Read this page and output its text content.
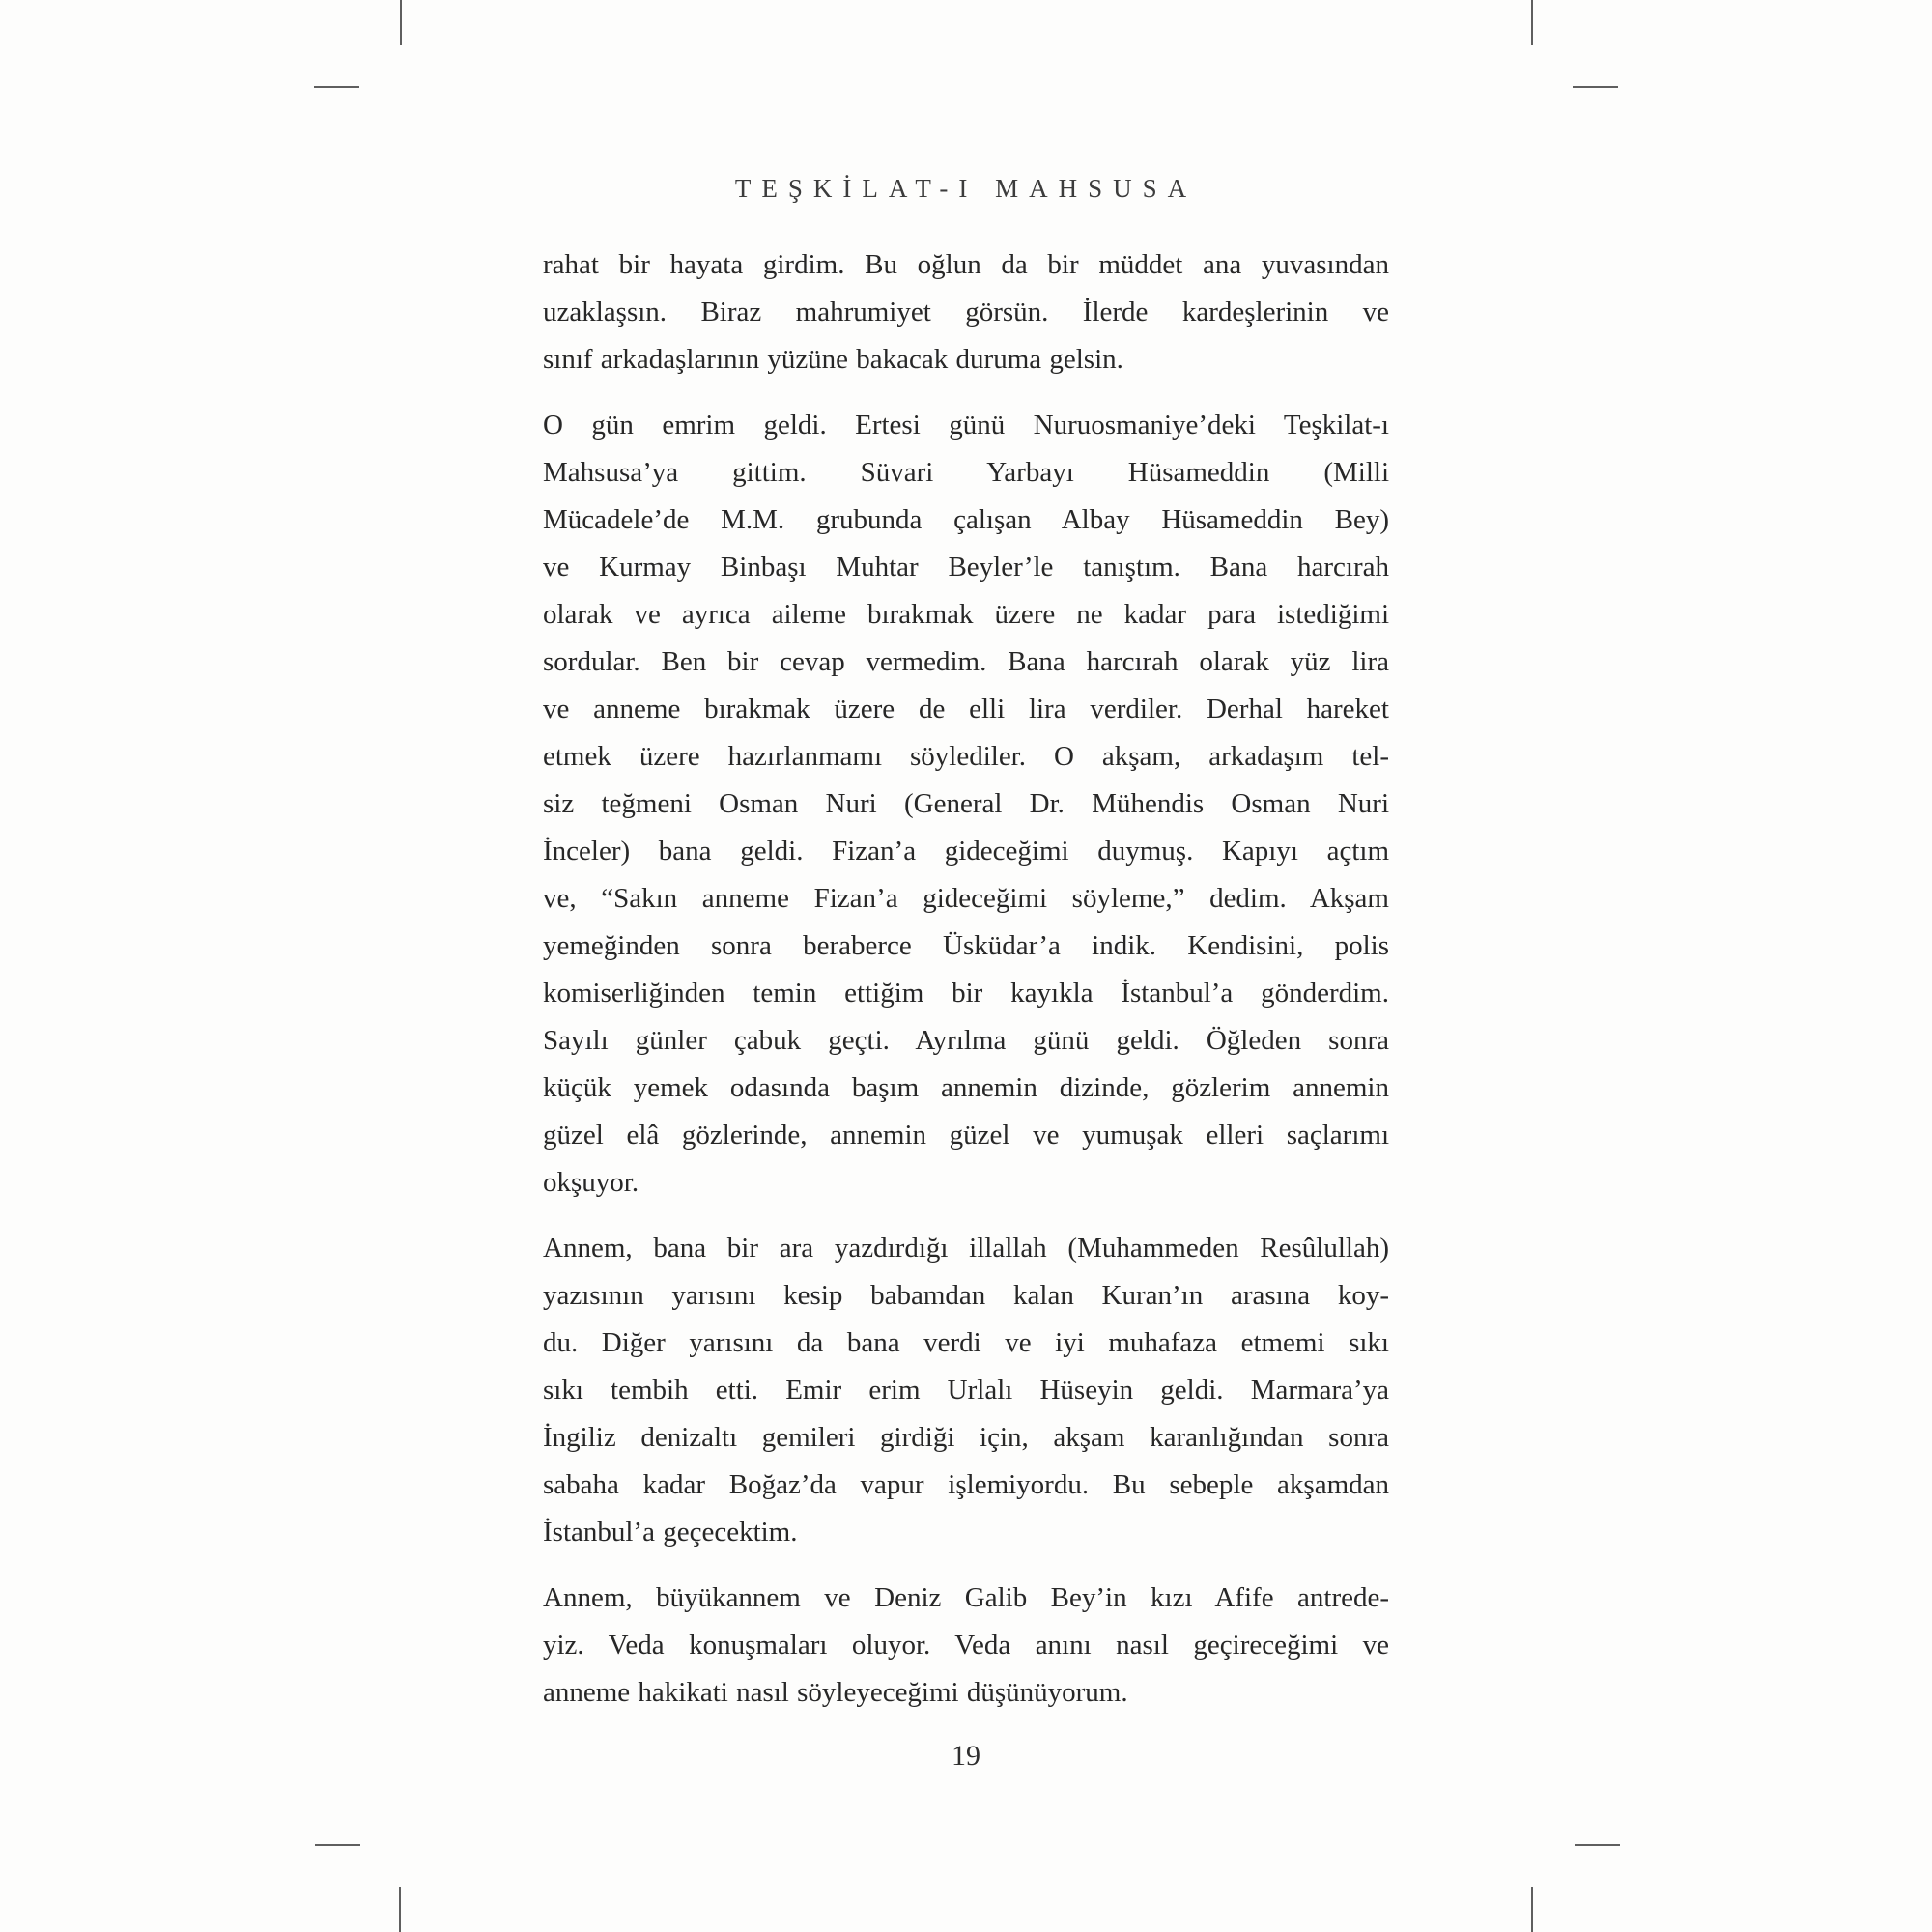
TEŞKİLAT-I MAHSUSA
rahat bir hayata girdim. Bu oğlun da bir müddet ana yuvasından
uzaklaşsın. Biraz mahrumiyet görsün. İlerde kardeşlerinin ve
sınıf arkadaşlarının yüzüne bakacak duruma gelsin.
O gün emrim geldi. Ertesi günü Nuruosmaniye’deki Teşkilat-ı
Mahsusa’ya gittim. Süvari Yarbayı Hüsameddin (Milli
Mücadele’de M.M. grubunda çalışan Albay Hüsameddin Bey)
ve Kurmay Binbaşı Muhtar Beyler’le tanıştım. Bana harcırah
olarak ve ayrıca aileme bırakmak üzere ne kadar para istediğimi
sordular. Ben bir cevap vermedim. Bana harcırah olarak yüz lira
ve anneme bırakmak üzere de elli lira verdiler. Derhal hareket
etmek üzere hazırlanmamı söylediler. O akşam, arkadaşım tel-
siz teğmeni Osman Nuri (General Dr. Mühendis Osman Nuri
İnceler) bana geldi. Fizan’a gideceğimi duymuş. Kapıyı açtım
ve, “Sakın anneme Fizan’a gideceğimi söyleme,” dedim. Akşam
yemeğinden sonra beraberce Üsküdar’a indik. Kendisini, polis
komiserliğinden temin ettiğim bir kayıkla İstanbul’a gönderdim.
Sayılı günler çabuk geçti. Ayrılma günü geldi. Öğleden sonra
küçük yemek odasında başım annemin dizinde, gözlerim annemin
güzel elâ gözlerinde, annemin güzel ve yumuşak elleri saçlarımı
okşuyor.
Annem, bana bir ara yazdırdığı illallah (Muhammeden Resûlullah)
yazısının yarısını kesip babamdan kalan Kuran’ın arasına koy-
du. Diğer yarısını da bana verdi ve iyi muhafaza etmemi sıkı
sıkı tembih etti. Emir erim Urlalı Hüseyin geldi. Marmara’ya
İngiliz denizaltı gemileri girdiği için, akşam karanlığından sonra
sabaha kadar Boğaz’da vapur işlemiyordu. Bu sebeple akşamdan
İstanbul’a geçecektim.
Annem, büyükannem ve Deniz Galib Bey’in kızı Afife antrede-
yiz. Veda konuşmaları oluyor. Veda anını nasıl geçireceğimi ve
anneme hakikati nasıl söyleyeceğimi düşünüyorum.
19
